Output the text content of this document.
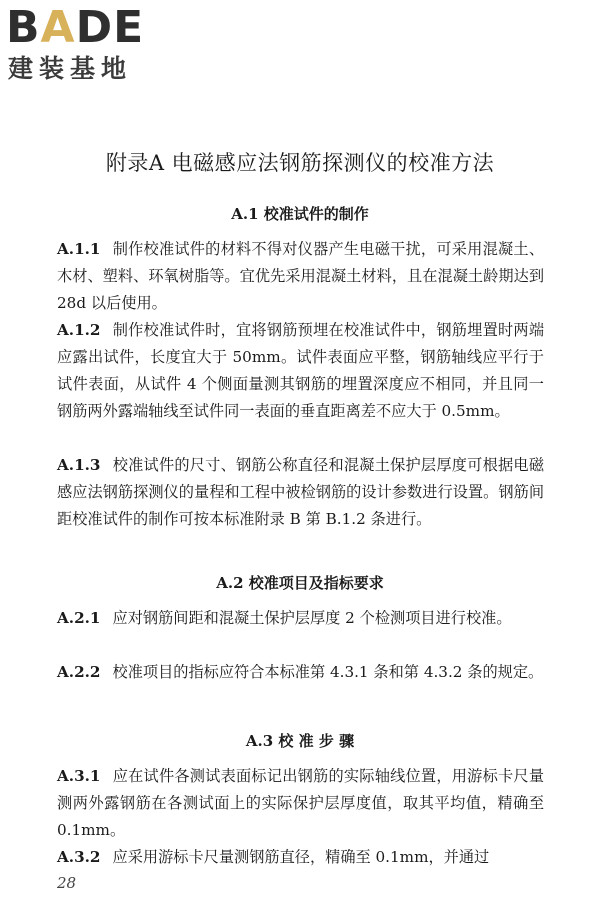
BADE
建装基地
附录A 电磁感应法钢筋探测仪的校准方法
A.1 校准试件的制作
A.1.1 制作校准试件的材料不得对仪器产生电磁干扰，可采用混凝土、木材、塑料、环氧树脂等。宜优先采用混凝土材料，且在混凝土龄期达到 28d 以后使用。
A.1.2 制作校准试件时，宜将钢筋预埋在校准试件中，钢筋埋置时两端应露出试件，长度宜大于 50mm。试件表面应平整，钢筋轴线应平行于试件表面，从试件 4 个侧面量测其钢筋的埋置深度应不相同，并且同一钢筋两外露端轴线至试件同一表面的垂直距离差不应大于 0.5mm。
A.1.3 校准试件的尺寸、钢筋公称直径和混凝土保护层厚度可根据电磁感应法钢筋探测仪的量程和工程中被检钢筋的设计参数进行设置。钢筋间距校准试件的制作可按本标准附录 B 第 B.1.2 条进行。
A.2 校准项目及指标要求
A.2.1 应对钢筋间距和混凝土保护层厚度 2 个检测项目进行校准。
A.2.2 校准项目的指标应符合本标准第 4.3.1 条和第 4.3.2 条的规定。
A.3 校 准 步 骤
A.3.1 应在试件各测试表面标记出钢筋的实际轴线位置，用游标卡尺量测两外露钢筋在各测试面上的实际保护层厚度值，取其平均值，精确至 0.1mm。
A.3.2 应采用游标卡尺量测钢筋直径，精确至 0.1mm，并通过
28
